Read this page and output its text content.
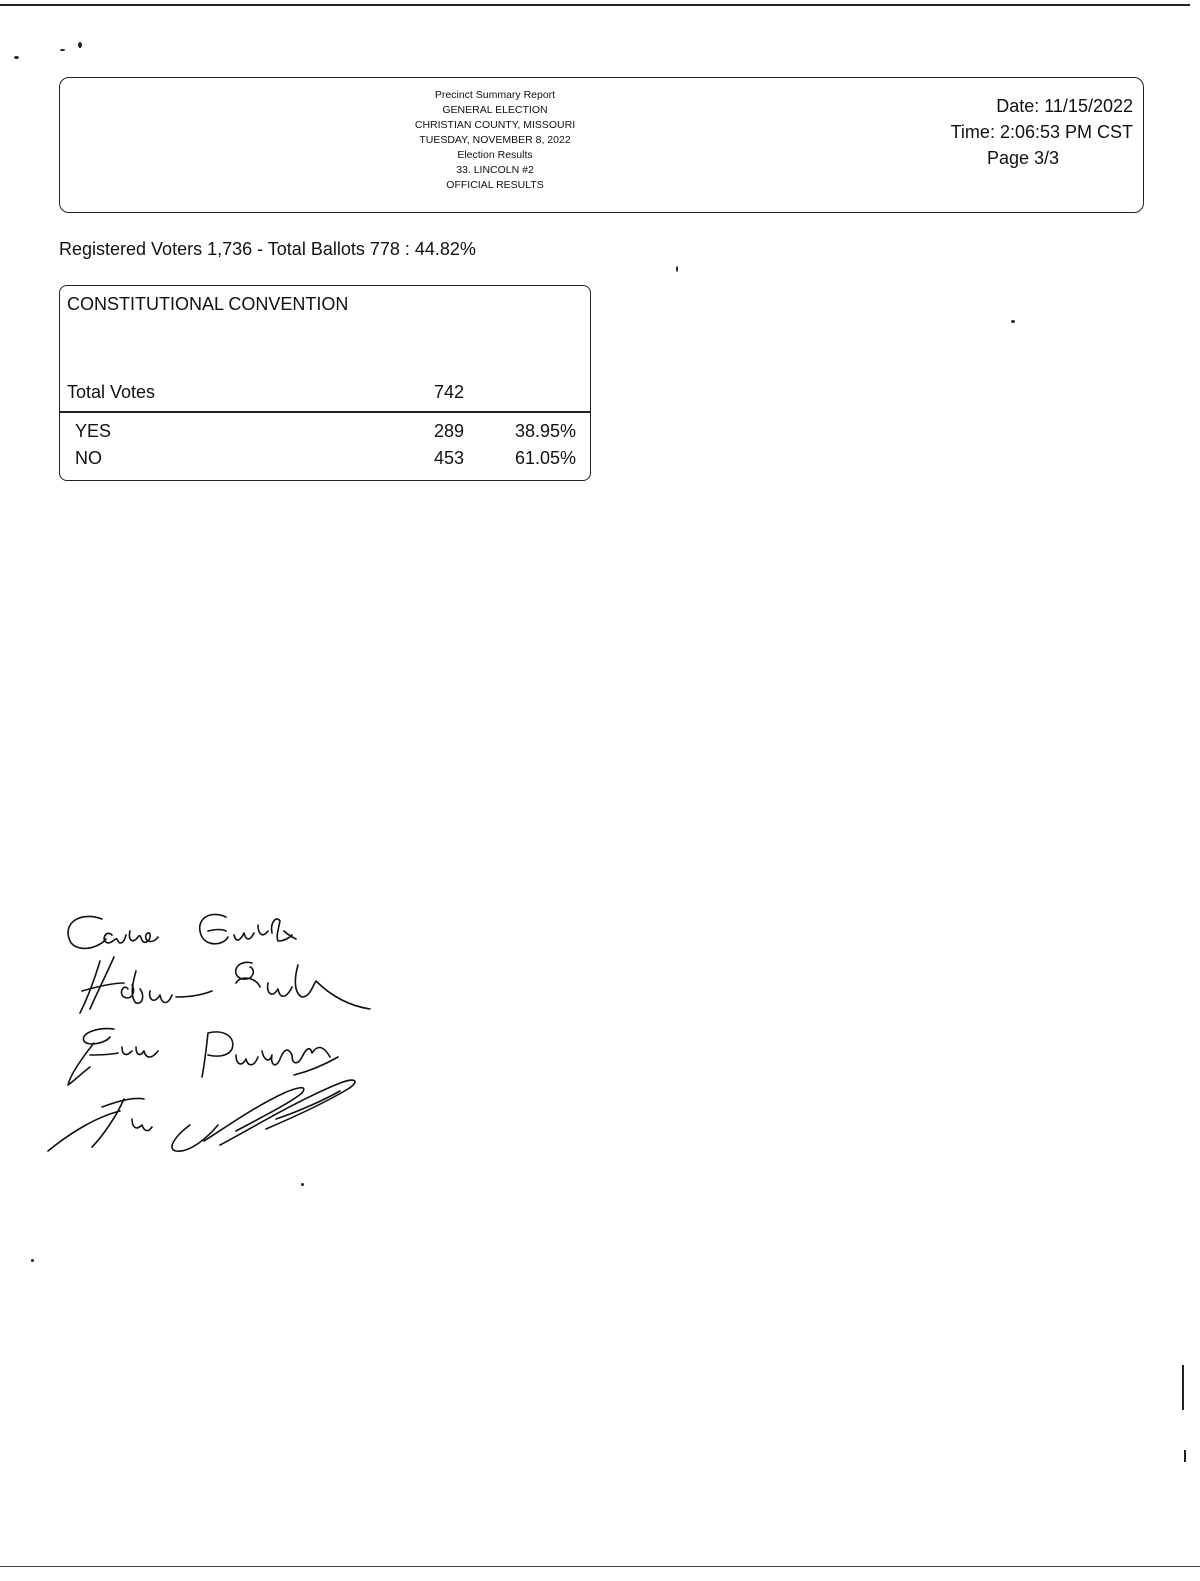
Precinct Summary Report
GENERAL ELECTION
CHRISTIAN COUNTY, MISSOURI
TUESDAY, NOVEMBER 8, 2022
Election Results
33. LINCOLN #2
OFFICIAL RESULTS
Date: 11/15/2022
Time: 2:06:53 PM CST
Page 3/3
Registered Voters 1,736 - Total Ballots 778 : 44.82%
CONSTITUTIONAL CONVENTION
Total Votes	742
YES	289	38.95%
NO	453	61.05%
